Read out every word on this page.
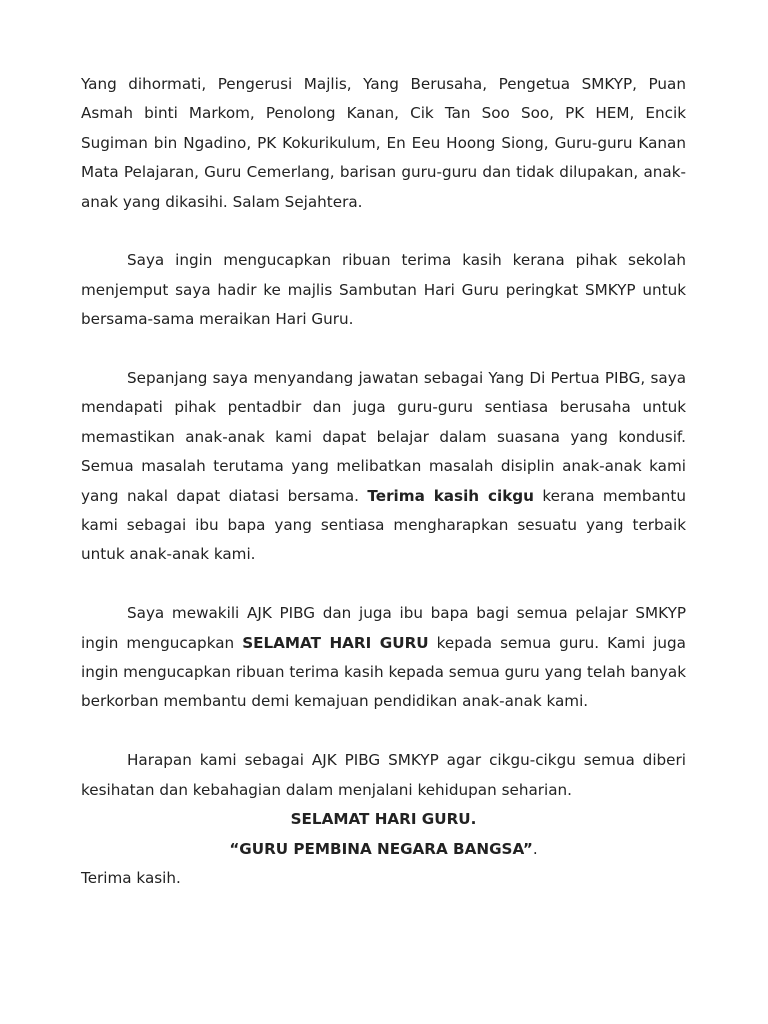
Yang dihormati, Pengerusi Majlis, Yang Berusaha, Pengetua SMKYP, Puan Asmah binti Markom, Penolong Kanan, Cik Tan Soo Soo, PK HEM, Encik Sugiman bin Ngadino, PK Kokurikulum, En Eeu Hoong Siong, Guru-guru Kanan Mata Pelajaran, Guru Cemerlang, barisan guru-guru dan tidak dilupakan, anak-anak yang dikasihi. Salam Sejahtera.

Saya ingin mengucapkan ribuan terima kasih kerana pihak sekolah menjemput saya hadir ke majlis Sambutan Hari Guru peringkat SMKYP untuk bersama-sama meraikan Hari Guru.

Sepanjang saya menyandang jawatan sebagai Yang Di Pertua PIBG, saya mendapati pihak pentadbir dan juga guru-guru sentiasa berusaha untuk memastikan anak-anak kami dapat belajar dalam suasana yang kondusif. Semua masalah terutama yang melibatkan masalah disiplin anak-anak kami yang nakal dapat diatasi bersama. Terima kasih cikgu kerana membantu kami sebagai ibu bapa yang sentiasa mengharapkan sesuatu yang terbaik untuk anak-anak kami.

Saya mewakili AJK PIBG dan juga ibu bapa bagi semua pelajar SMKYP ingin mengucapkan SELAMAT HARI GURU kepada semua guru. Kami juga ingin mengucapkan ribuan terima kasih kepada semua guru yang telah banyak berkorban membantu demi kemajuan pendidikan anak-anak kami.

Harapan kami sebagai AJK PIBG SMKYP agar cikgu-cikgu semua diberi kesihatan dan kebahagian dalam menjalani kehidupan seharian.

SELAMAT HARI GURU.

“GURU PEMBINA NEGARA BANGSA”.

Terima kasih.
